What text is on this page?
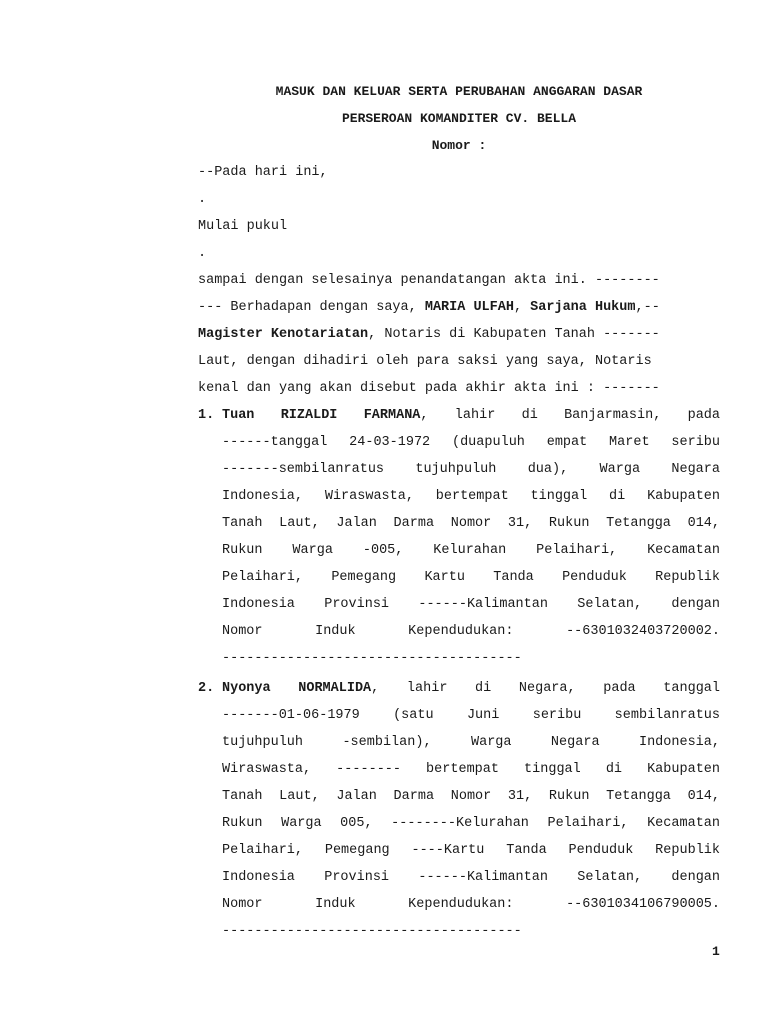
MASUK DAN KELUAR SERTA PERUBAHAN ANGGARAN DASAR
PERSEROAN KOMANDITER CV. BELLA
Nomor :
--Pada hari ini,
.
Mulai pukul
.
sampai dengan selesainya penandatangan akta ini. --------
--- Berhadapan dengan saya, MARIA ULFAH, Sarjana Hukum,--
Magister Kenotariatan, Notaris di Kabupaten Tanah -------
Laut, dengan dihadiri oleh para saksi yang saya, Notaris
kenal dan yang akan disebut pada akhir akta ini : -------
1. Tuan RIZALDI FARMANA, lahir di Banjarmasin, pada
------tanggal 24-03-1972 (duapuluh empat Maret seribu
-------sembilanratus tujuhpuluh dua), Warga Negara
Indonesia, Wiraswasta, bertempat tinggal di Kabupaten
Tanah Laut, Jalan Darma Nomor 31, Rukun Tetangga 014,
Rukun Warga -005, Kelurahan Pelaihari, Kecamatan
Pelaihari, Pemegang Kartu Tanda Penduduk Republik
Indonesia Provinsi ------Kalimantan Selatan, dengan
Nomor Induk Kependudukan: --6301032403720002.
-------------------------------------
2. Nyonya NORMALIDA, lahir di Negara, pada tanggal
-------01-06-1979 (satu Juni seribu sembilanratus
tujuhpuluh -sembilan), Warga Negara Indonesia,
Wiraswasta, -------- bertempat tinggal di Kabupaten
Tanah Laut, Jalan Darma Nomor 31, Rukun Tetangga 014,
Rukun Warga 005, --------Kelurahan Pelaihari, Kecamatan
Pelaihari, Pemegang ----Kartu Tanda Penduduk Republik
Indonesia Provinsi ------Kalimantan Selatan, dengan
Nomor Induk Kependudukan: --6301034106790005.
-------------------------------------
1
